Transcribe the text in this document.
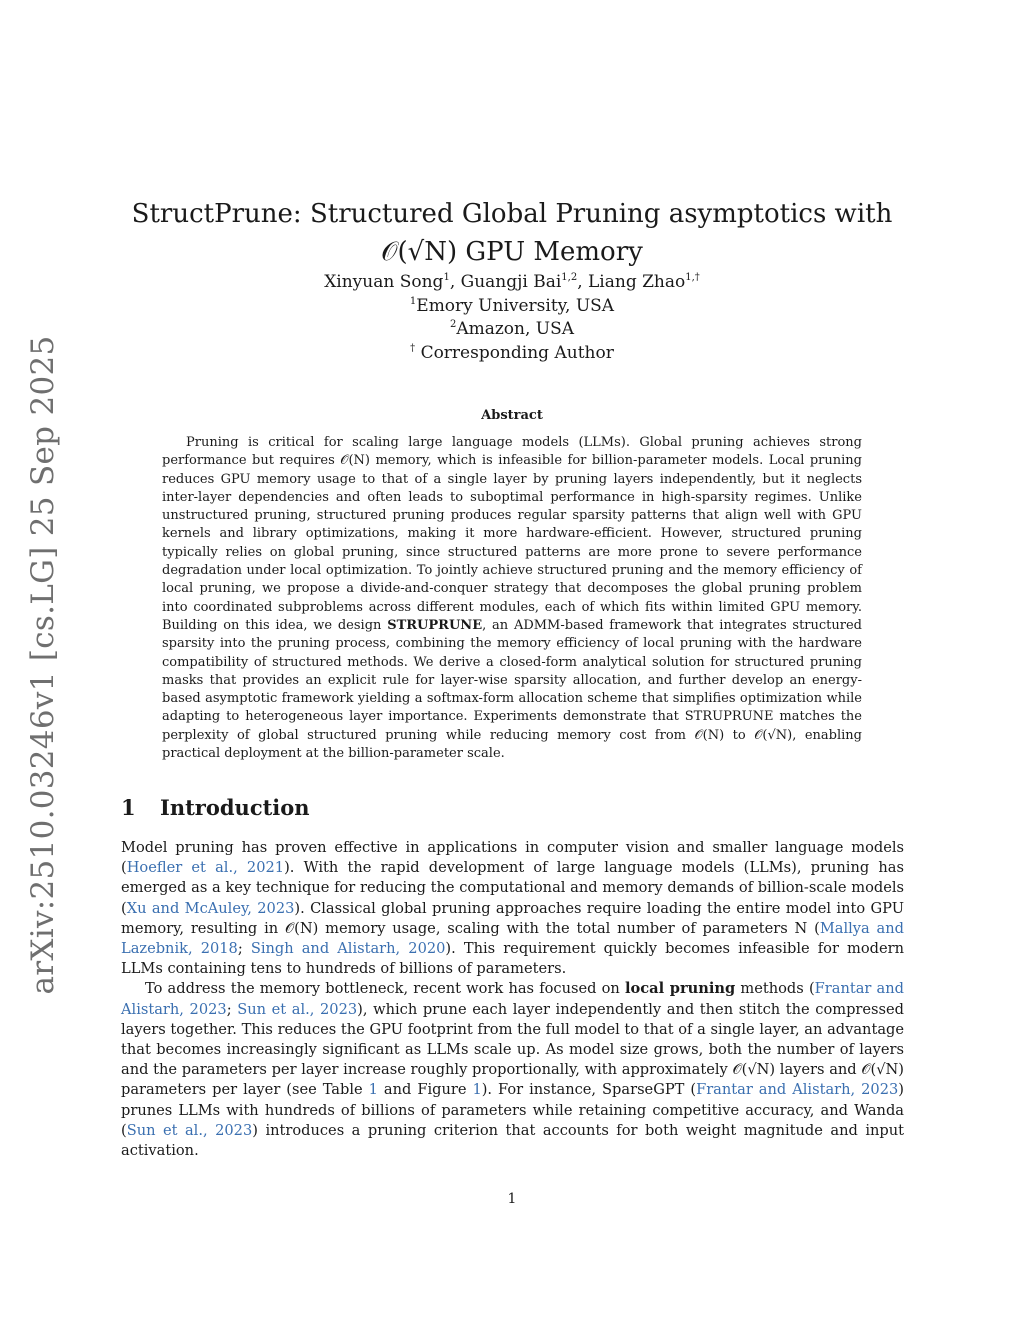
arXiv:2510.03246v1 [cs.LG] 25 Sep 2025
StructPrune: Structured Global Pruning asymptotics with 𝒪(√N) GPU Memory
Xinyuan Song$^1$, Guangji Bai$^{1,2}$, Liang Zhao$^{1,\dagger}$
$^1$Emory University, USA
$^2$Amazon, USA
† Corresponding Author
Abstract

Pruning is critical for scaling large language models (LLMs). Global pruning achieves strong performance but requires 𝒪(N) memory, which is infeasible for billion-parameter models. Local pruning reduces GPU memory usage to that of a single layer by pruning layers independently, but it neglects inter-layer dependencies and often leads to suboptimal performance in high-sparsity regimes. Unlike unstructured pruning, structured pruning produces regular sparsity patterns that align well with GPU kernels and library optimizations, making it more hardware-efficient. However, structured pruning typically relies on global pruning, since structured patterns are more prone to severe performance degradation under local optimization. To jointly achieve structured pruning and the memory efficiency of local pruning, we propose a divide-and-conquer strategy that decomposes the global pruning problem into coordinated subproblems across different modules, each of which fits within limited GPU memory. Building on this idea, we design STRUPRUNE, an ADMM-based framework that integrates structured sparsity into the pruning process, combining the memory efficiency of local pruning with the hardware compatibility of structured methods. We derive a closed-form analytical solution for structured pruning masks that provides an explicit rule for layer-wise sparsity allocation, and further develop an energy-based asymptotic framework yielding a softmax-form allocation scheme that simplifies optimization while adapting to heterogeneous layer importance. Experiments demonstrate that STRUPRUNE matches the perplexity of global structured pruning while reducing memory cost from 𝒪(N) to 𝒪(√N), enabling practical deployment at the billion-parameter scale.

1 Introduction

Model pruning has proven effective in applications in computer vision and smaller language models (Hoefler et al., 2021). With the rapid development of large language models (LLMs), pruning has emerged as a key technique for reducing the computational and memory demands of billion-scale models (Xu and McAuley, 2023). Classical global pruning approaches require loading the entire model into GPU memory, resulting in 𝒪(N) memory usage, scaling with the total number of parameters N (Mallya and Lazebnik, 2018; Singh and Alistarh, 2020). This requirement quickly becomes infeasible for modern LLMs containing tens to hundreds of billions of parameters.

To address the memory bottleneck, recent work has focused on local pruning methods (Frantar and Alistarh, 2023; Sun et al., 2023), which prune each layer independently and then stitch the compressed layers together. This reduces the GPU footprint from the full model to that of a single layer, an advantage that becomes increasingly significant as LLMs scale up. As model size grows, both the number of layers and the parameters per layer increase roughly proportionally, with approximately 𝒪(√N) layers and 𝒪(√N) parameters per layer (see Table 1 and Figure 1). For instance, SparseGPT (Frantar and Alistarh, 2023) prunes LLMs with hundreds of billions of parameters while retaining competitive accuracy, and Wanda (Sun et al., 2023) introduces a pruning criterion that accounts for both weight magnitude and input activation.

1
